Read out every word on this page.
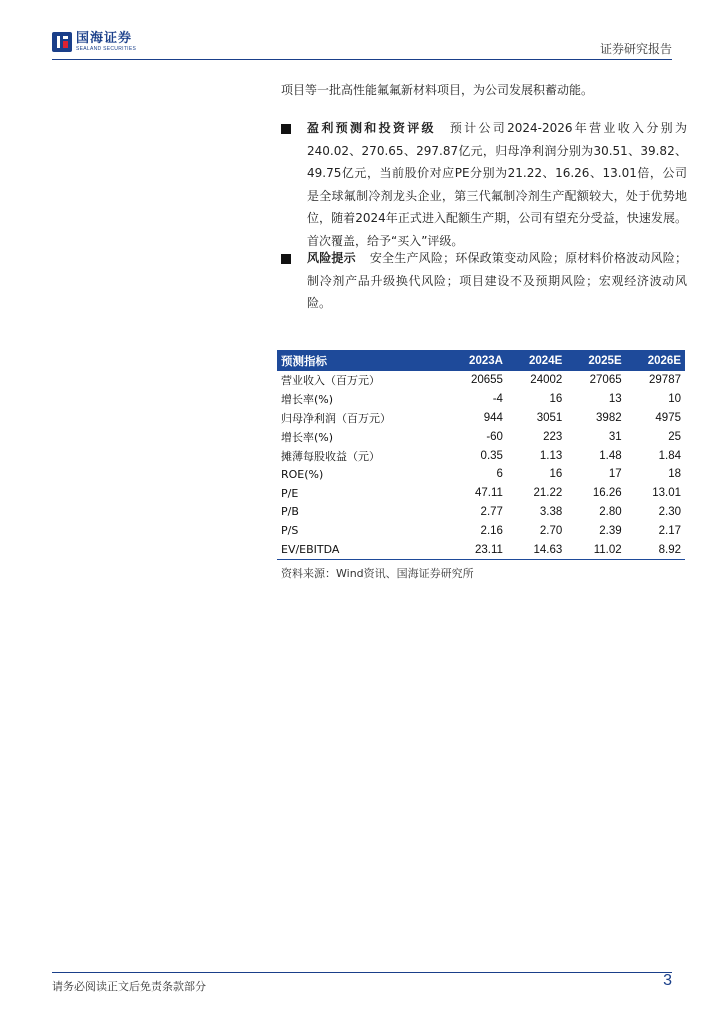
国海证券
SEALAND SECURITIES	证券研究报告
项目等一批高性能氟氟新材料项目，为公司发展积蓄动能。
盈利预测和投资评级 预计公司2024-2026年营业收入分别为240.02、270.65、297.87亿元，归母净利润分别为30.51、39.82、49.75亿元，当前股价对应PE分别为21.22、16.26、13.01倍，公司是全球氟制冷剂龙头企业，第三代氟制冷剂生产配额较大，处于优势地位，随着2024年正式进入配额生产期，公司有望充分受益，快速发展。首次覆盖，给予“买入”评级。
风险提示 安全生产风险；环保政策变动风险；原材料价格波动风险；制冷剂产品升级换代风险；项目建设不及预期风险；宏观经济波动风险。
预测指标	2023A	2024E	2025E	2026E
营业收入（百万元）	20655	24002	27065	29787
增长率(%)	-4	16	13	10
归母净利润（百万元）	944	3051	3982	4975
增长率(%)	-60	223	31	25
摊薄每股收益（元）	0.35	1.13	1.48	1.84
ROE(%)	6	16	17	18
P/E	47.11	21.22	16.26	13.01
P/B	2.77	3.38	2.80	2.30
P/S	2.16	2.70	2.39	2.17
EV/EBITDA	23.11	14.63	11.02	8.92
资料来源：Wind资讯、国海证券研究所
请务必阅读正文后免责条款部分	3
